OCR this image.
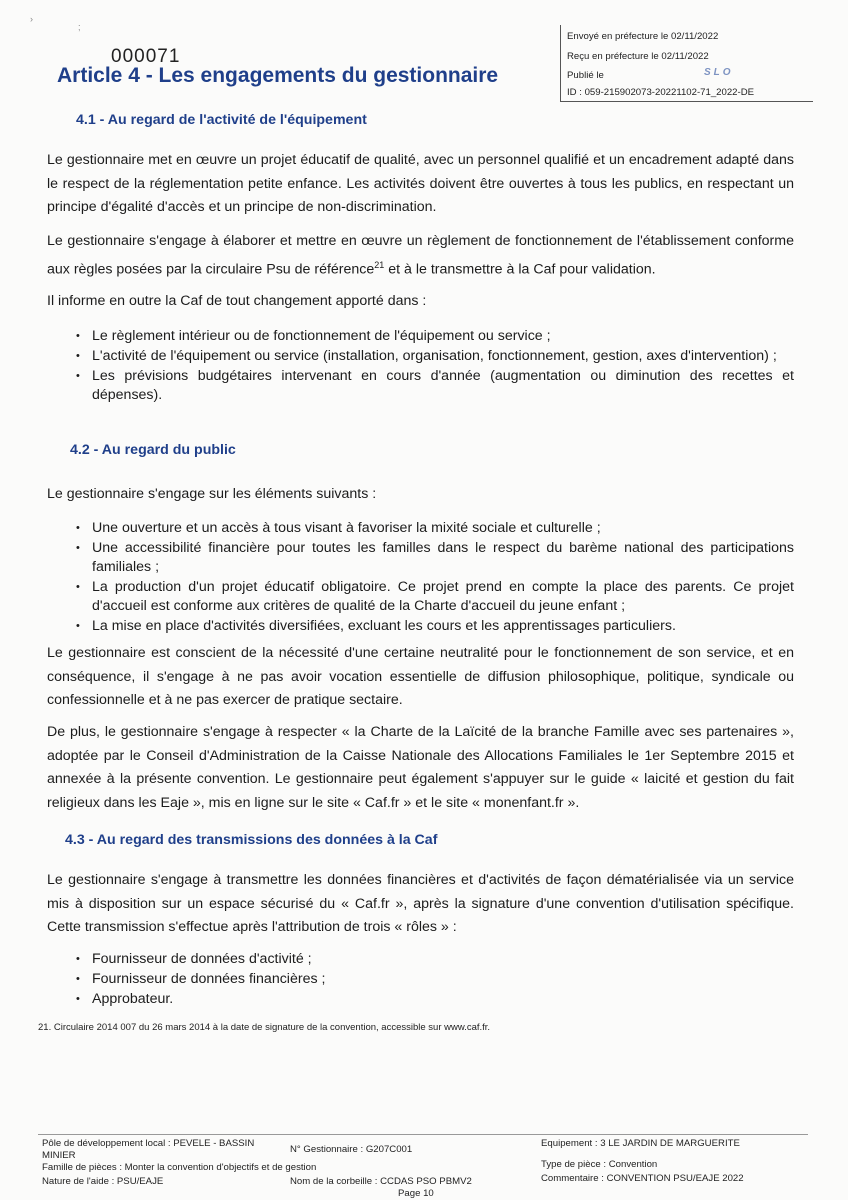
›
;
000071
Article 4 - Les engagements du gestionnaire
Envoyé en préfecture le 02/11/2022
Reçu en préfecture le 02/11/2022
Publié le	SLO
ID : 059-215902073-20221102-71_2022-DE
4.1 - Au regard de l'activité de l'équipement
Le gestionnaire met en œuvre un projet éducatif de qualité, avec un personnel qualifié et un encadrement adapté dans le respect de la réglementation petite enfance. Les activités doivent être ouvertes à tous les publics, en respectant un principe d'égalité d'accès et un principe de non-discrimination.
Le gestionnaire s'engage à élaborer et mettre en œuvre un règlement de fonctionnement de l'établissement conforme aux règles posées par la circulaire Psu de référence$^{21}$ et à le transmettre à la Caf pour validation.
Il informe en outre la Caf de tout changement apporté dans :
• Le règlement intérieur ou de fonctionnement de l'équipement ou service ;
• L'activité de l'équipement ou service (installation, organisation, fonctionnement, gestion, axes d'intervention) ;
• Les prévisions budgétaires intervenant en cours d'année (augmentation ou diminution des recettes et dépenses).
4.2 - Au regard du public
Le gestionnaire s'engage sur les éléments suivants :
• Une ouverture et un accès à tous visant à favoriser la mixité sociale et culturelle ;
• Une accessibilité financière pour toutes les familles dans le respect du barème national des participations familiales ;
• La production d'un projet éducatif obligatoire. Ce projet prend en compte la place des parents. Ce projet d'accueil est conforme aux critères de qualité de la Charte d'accueil du jeune enfant ;
• La mise en place d'activités diversifiées, excluant les cours et les apprentissages particuliers.
Le gestionnaire est conscient de la nécessité d'une certaine neutralité pour le fonctionnement de son service, et en conséquence, il s'engage à ne pas avoir vocation essentielle de diffusion philosophique, politique, syndicale ou confessionnelle et à ne pas exercer de pratique sectaire.
De plus, le gestionnaire s'engage à respecter « la Charte de la Laïcité de la branche Famille avec ses partenaires », adoptée par le Conseil d'Administration de la Caisse Nationale des Allocations Familiales le 1er Septembre 2015 et annexée à la présente convention. Le gestionnaire peut également s'appuyer sur le guide « laicité et gestion du fait religieux dans les Eaje », mis en ligne sur le site « Caf.fr » et le site « monenfant.fr ».
4.3 - Au regard des transmissions des données à la Caf
Le gestionnaire s'engage à transmettre les données financières et d'activités de façon dématérialisée via un service mis à disposition sur un espace sécurisé du « Caf.fr », après la signature d'une convention d'utilisation spécifique. Cette transmission s'effectue après l'attribution de trois « rôles » :
• Fournisseur de données d'activité ;
• Fournisseur de données financières ;
• Approbateur.
21. Circulaire 2014 007 du 26 mars 2014 à la date de signature de la convention, accessible sur www.caf.fr.
Pôle de développement local : PEVELE - BASSIN
MINIER
N° Gestionnaire : G207C001
Equipement : 3 LE JARDIN DE MARGUERITE
Famille de pièces : Monter la convention d'objectifs et de gestion	Type de pièce : Convention
Nature de l'aide : PSU/EAJE	Nom de la corbeille : CCDAS PSO PBMV2	Commentaire : CONVENTION PSU/EAJE 2022
Page 10
